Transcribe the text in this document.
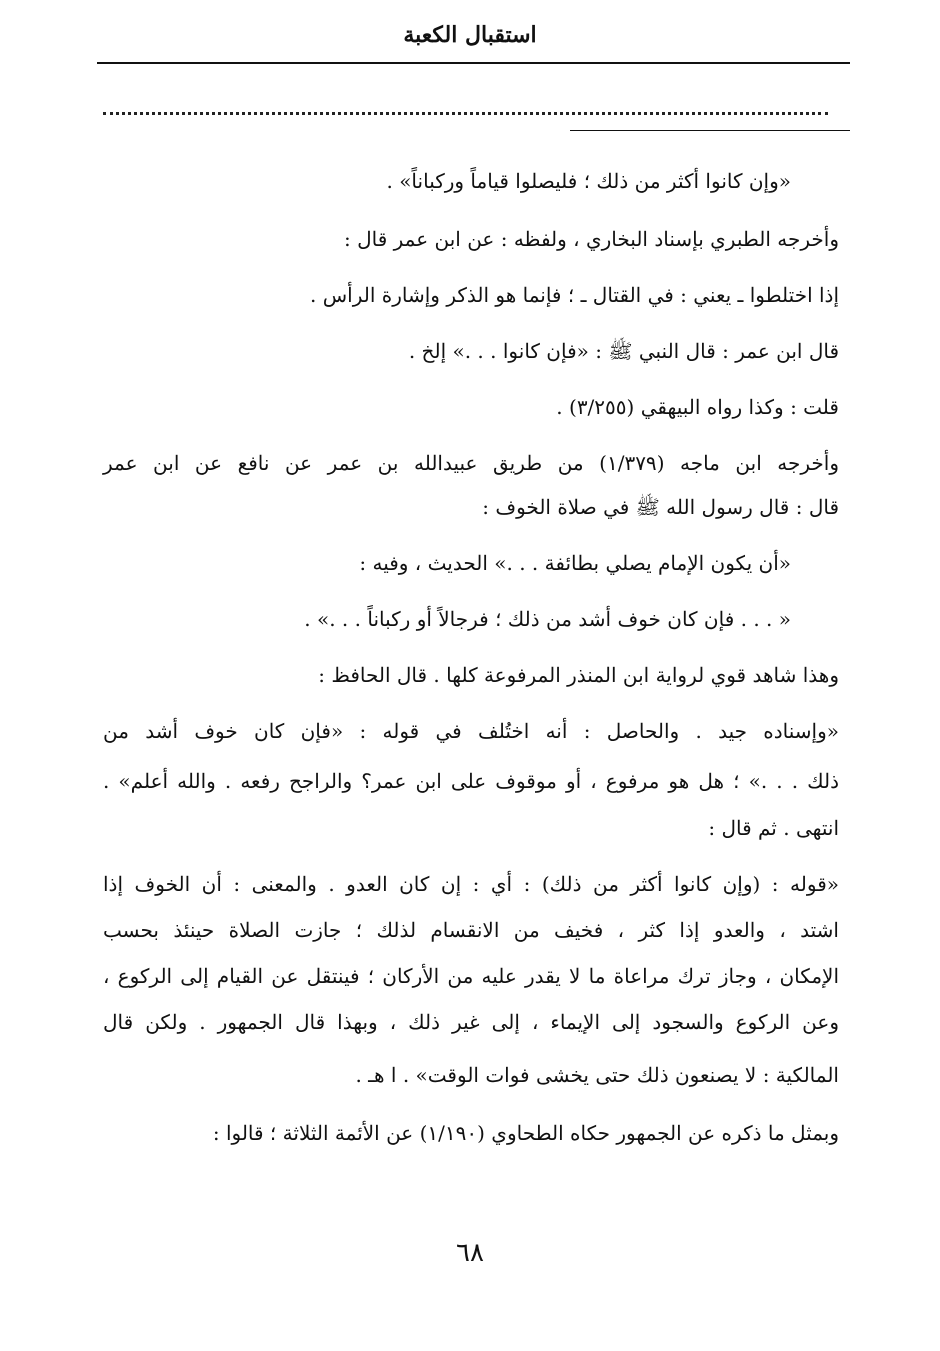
استقبال الكعبة
«وإن كانوا أكثر من ذلك ؛ فليصلوا قياماً وركباناً» .
وأخرجه الطبري بإسناد البخاري ، ولفظه : عن ابن عمر قال :
إذا اختلطوا ـ يعني : في القتال ـ ؛ فإنما هو الذكر وإشارة الرأس .
قال ابن عمر : قال النبي ﷺ : «فإن كانوا . . .» إلخ .
قلت : وكذا رواه البيهقي (٣/٢٥٥) .
وأخرجه ابن ماجه (١/٣٧٩) من طريق عبيدالله بن عمر عن نافع عن ابن عمر
قال : قال رسول الله ﷺ في صلاة الخوف :
«أن يكون الإمام يصلي بطائفة . . .» الحديث ، وفيه :
« . . . فإن كان خوف أشد من ذلك ؛ فرجالاً أو ركباناً . . .» .
وهذا شاهد قوي لرواية ابن المنذر المرفوعة كلها . قال الحافظ :
«وإسناده جيد . والحاصل : أنه اختُلف في قوله : «فإن كان خوف أشد من
ذلك . . .» ؛ هل هو مرفوع ، أو موقوف على ابن عمر؟ والراجح رفعه . والله أعلم» .
انتهى . ثم قال :
«قوله : (وإن كانوا أكثر من ذلك) : أي : إن كان العدو . والمعنى : أن الخوف إذا
اشتد ، والعدو إذا كثر ، فخيف من الانقسام لذلك ؛ جازت الصلاة حينئذ بحسب
الإمكان ، وجاز ترك مراعاة ما لا يقدر عليه من الأركان ؛ فينتقل عن القيام إلى الركوع ،
وعن الركوع والسجود إلى الإيماء ، إلى غير ذلك ، وبهذا قال الجمهور . ولكن قال
المالكية : لا يصنعون ذلك حتى يخشى فوات الوقت» . ا هـ .
وبمثل ما ذكره عن الجمهور حكاه الطحاوي (١/١٩٠) عن الأئمة الثلاثة ؛ قالوا :
٦٨
